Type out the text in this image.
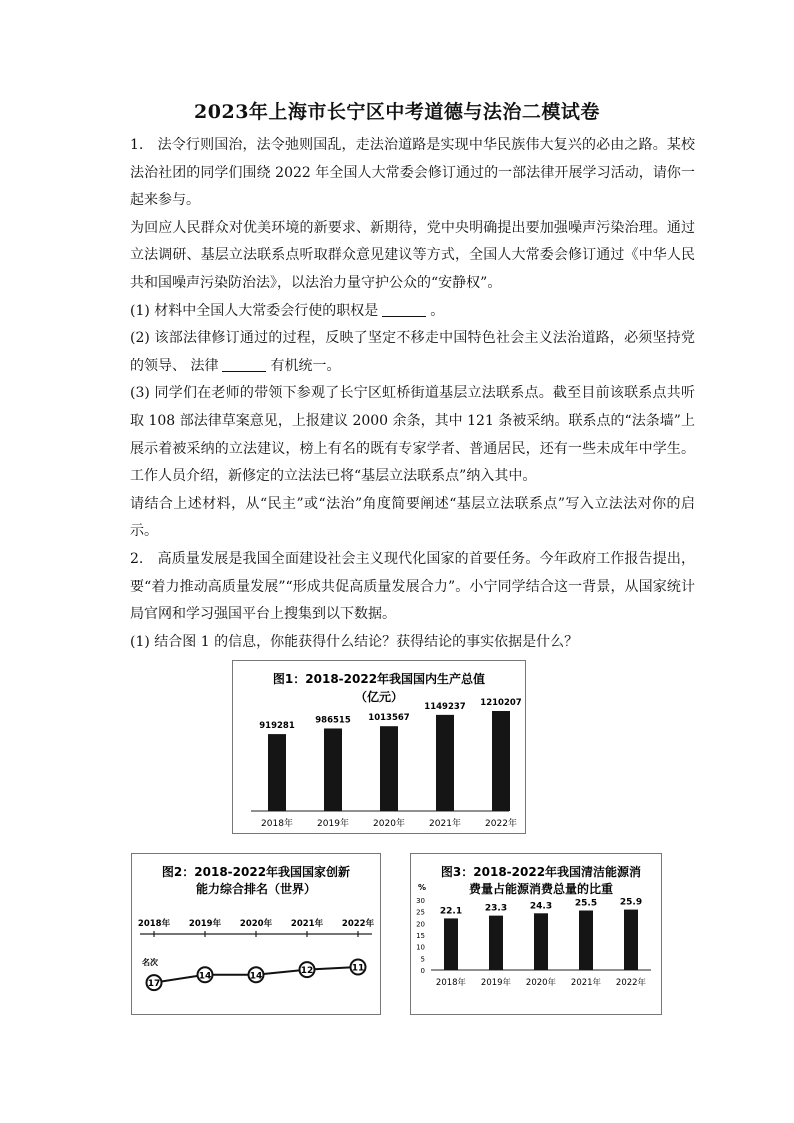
2023年上海市长宁区中考道德与法治二模试卷

1.　法令行则国治，法令弛则国乱，走法治道路是实现中华民族伟大复兴的必由之路。某校法治社团的同学们围绕 2022 年全国人大常委会修订通过的一部法律开展学习活动，请你一起来参与。

为回应人民群众对优美环境的新要求、新期待，党中央明确提出要加强噪声污染治理。通过立法调研、基层立法联系点听取群众意见建议等方式，全国人大常委会修订通过《中华人民共和国噪声污染防治法》，以法治力量守护公众的“安静权”。

(1) 材料中全国人大常委会行使的职权是	。

(2) 该部法律修订通过的过程，反映了坚定不移走中国特色社会主义法治道路，必须坚持党的领导、 法律	有机统一。

(3) 同学们在老师的带领下参观了长宁区虹桥街道基层立法联系点。截至目前该联系点共听取 108 部法律草案意见，上报建议 2000 余条，其中 121 条被采纳。联系点的“法条墙”上展示着被采纳的立法建议，榜上有名的既有专家学者、普通居民，还有一些未成年中学生。工作人员介绍，新修定的立法法已将“基层立法联系点”纳入其中。

请结合上述材料，从“民主”或“法治”角度简要阐述“基层立法联系点”写入立法法对你的启示。

2.　高质量发展是我国全面建设社会主义现代化国家的首要任务。今年政府工作报告提出，要“着力推动高质量发展”“形成共促高质量发展合力”。小宁同学结合这一背景，从国家统计局官网和学习强国平台上搜集到以下数据。

(1) 结合图 1 的信息，你能获得什么结论？获得结论的事实依据是什么？

图1：2018-2022年我国国内生产总值
（亿元）
919281
2018年
986515
2019年
1013567
2020年
1149237
2021年
1210207
2022年
图2：2018-2022年我国国家创新
能力综合排名（世界）
名次
2018年 2019年 2020年 2021年 2022年
17
14	14
12	11
图3：2018-2022年我国清洁能源消
费量占能源消费总量的比重
%
0
5
10
15
20
25
30
22.1
2018年
23.3
2019年
24.3
2020年
25.5
2021年
25.9
2022年
